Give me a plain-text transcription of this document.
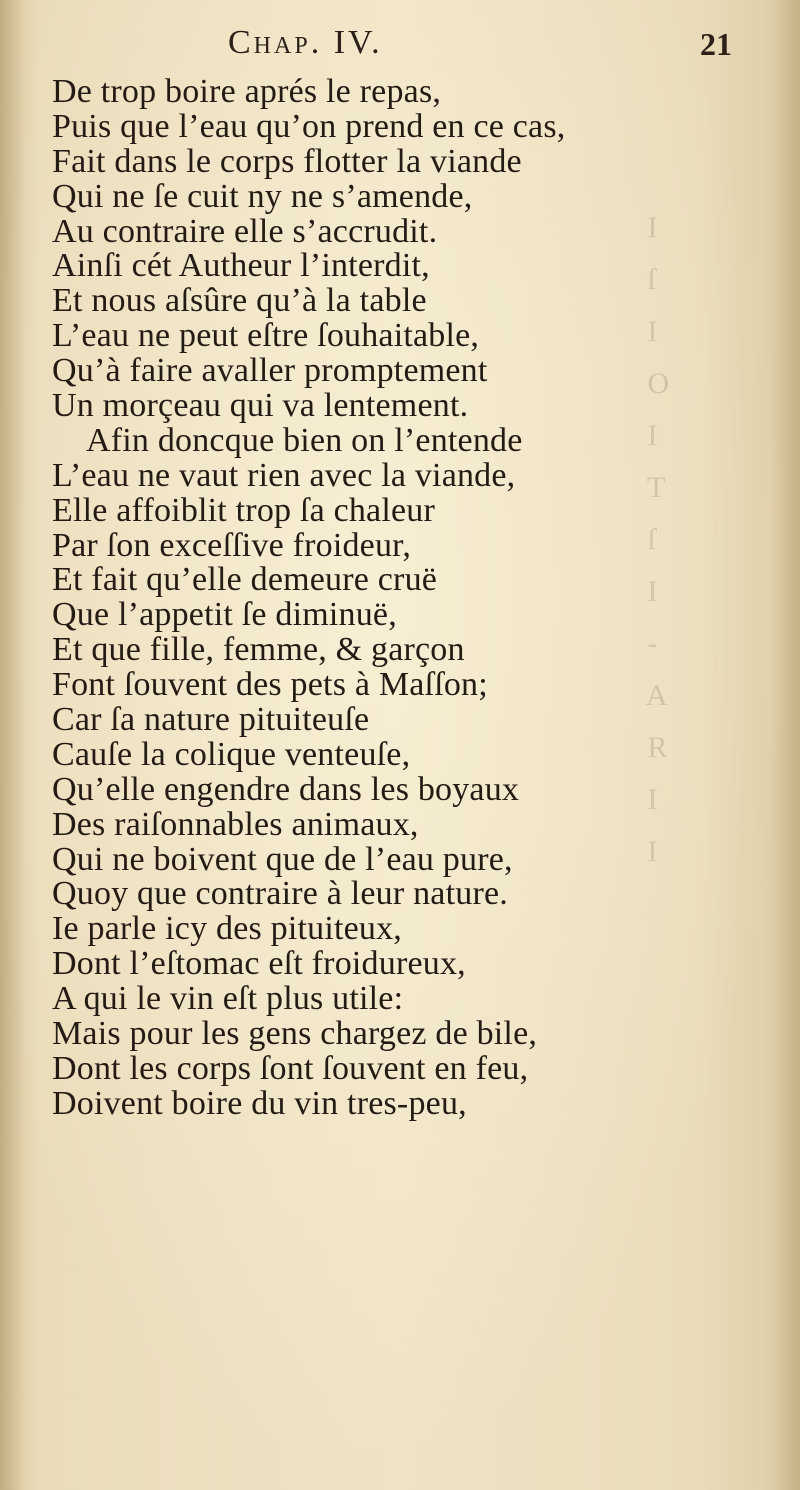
I
ſ
I
O
I
T
ſ
I
-
A
R
I
I

Chap. IV.	21
De trop boire aprés le repas,
Puis que l’eau qu’on prend en ce cas,
Fait dans le corps flotter la viande
Qui ne ſe cuit ny ne s’amende,
Au contraire elle s’accrudit.
Ainſi cét Autheur l’interdit,
Et nous aſsûre qu’à la table
L’eau ne peut eſtre ſouhaitable,
Qu’à faire avaller promptement
Un morçeau qui va lentement.
Afin doncque bien on l’entende
L’eau ne vaut rien avec la viande,
Elle affoiblit trop ſa chaleur
Par ſon exceſſive froideur,
Et fait qu’elle demeure cruë
Que l’appetit ſe diminuë,
Et que fille, femme, & garçon
Font ſouvent des pets à Maſſon;
Car ſa nature pituiteuſe
Cauſe la colique venteuſe,
Qu’elle engendre dans les boyaux
Des raiſonnables animaux,
Qui ne boivent que de l’eau pure,
Quoy que contraire à leur nature.
Ie parle icy des pituiteux,
Dont l’eſtomac eſt froidureux,
A qui le vin eſt plus utile:
Mais pour les gens chargez de bile,
Dont les corps ſont ſouvent en feu,
Doivent boire du vin tres-peu,
